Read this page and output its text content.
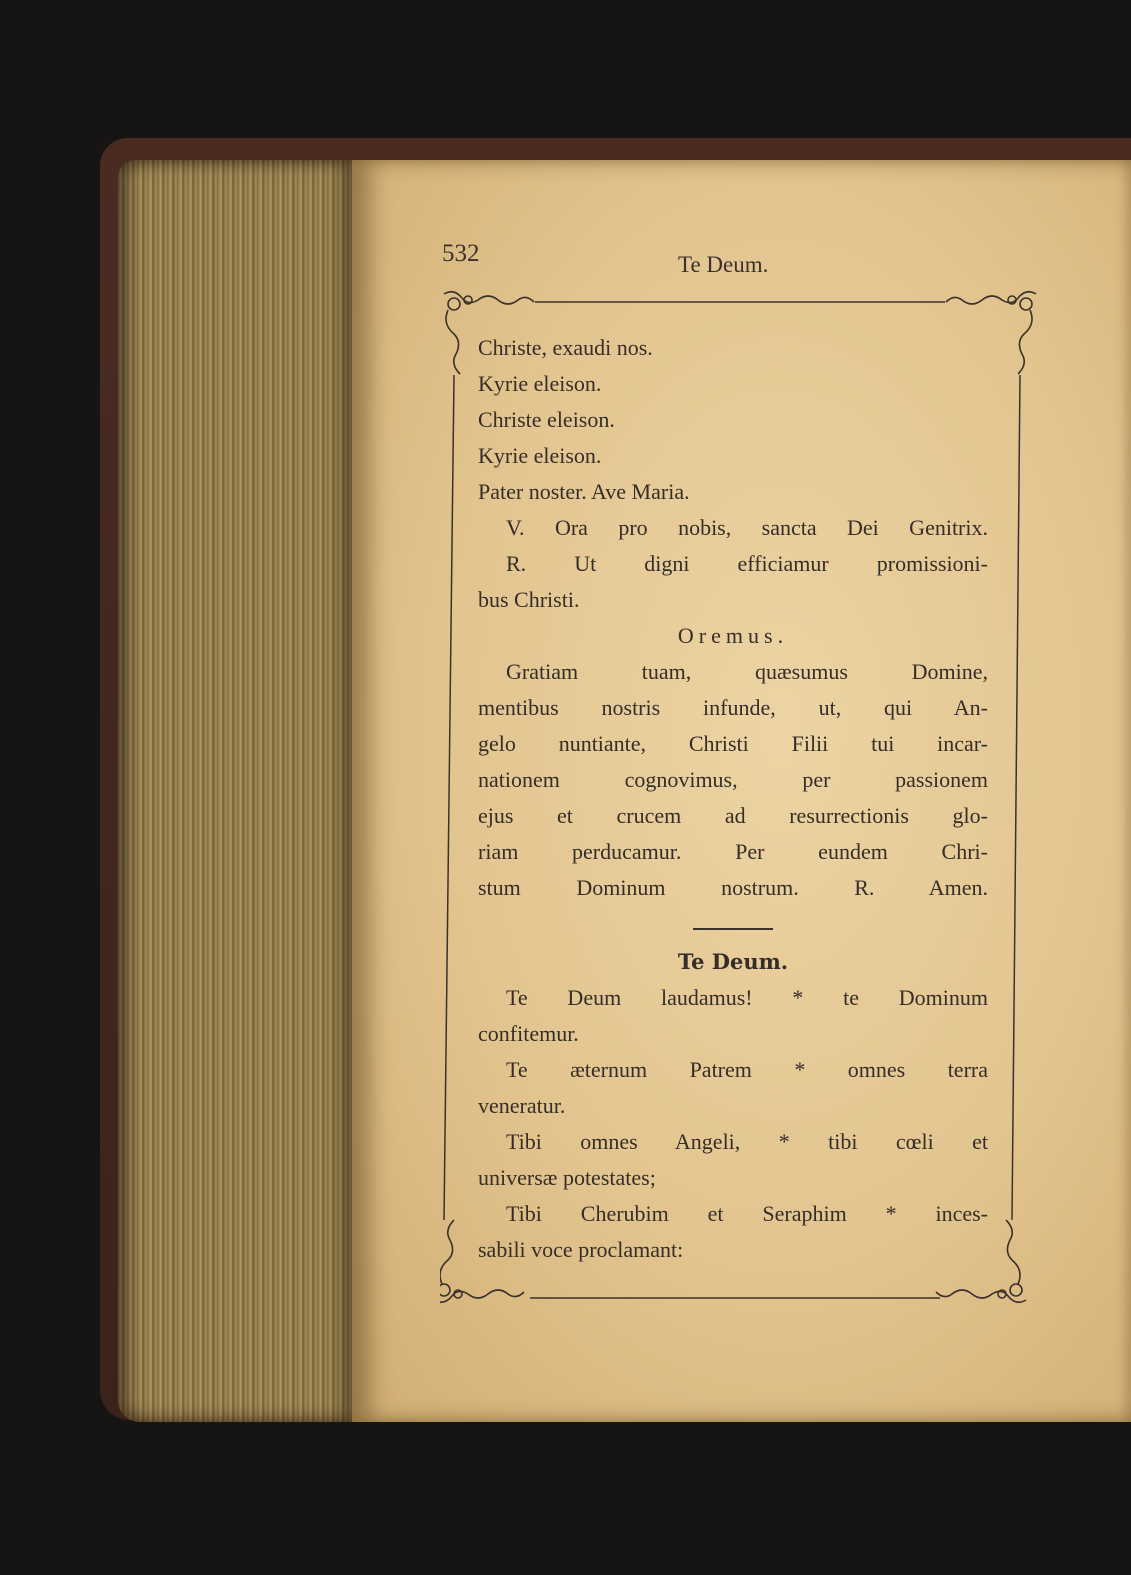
532	Te Deum.
Christe, exaudi nos.
Kyrie eleison.
Christe eleison.
Kyrie eleison.
Pater noster. Ave Maria.
V. Ora pro nobis, sancta Dei Genitrix.
R. Ut digni efficiamur promissioni-
bus Christi.
Oremus.
Gratiam tuam, quæsumus Domine,
mentibus nostris infunde, ut, qui An-
gelo nuntiante, Christi Filii tui incar-
nationem cognovimus, per passionem
ejus et crucem ad resurrectionis glo-
riam perducamur. Per eundem Chri-
stum Dominum nostrum. R. Amen.
Te Deum.
Te Deum laudamus! * te Dominum
confitemur.
Te æternum Patrem * omnes terra
veneratur.
Tibi omnes Angeli, * tibi cœli et
universæ potestates;
Tibi Cherubim et Seraphim * inces-
sabili voce proclamant:
